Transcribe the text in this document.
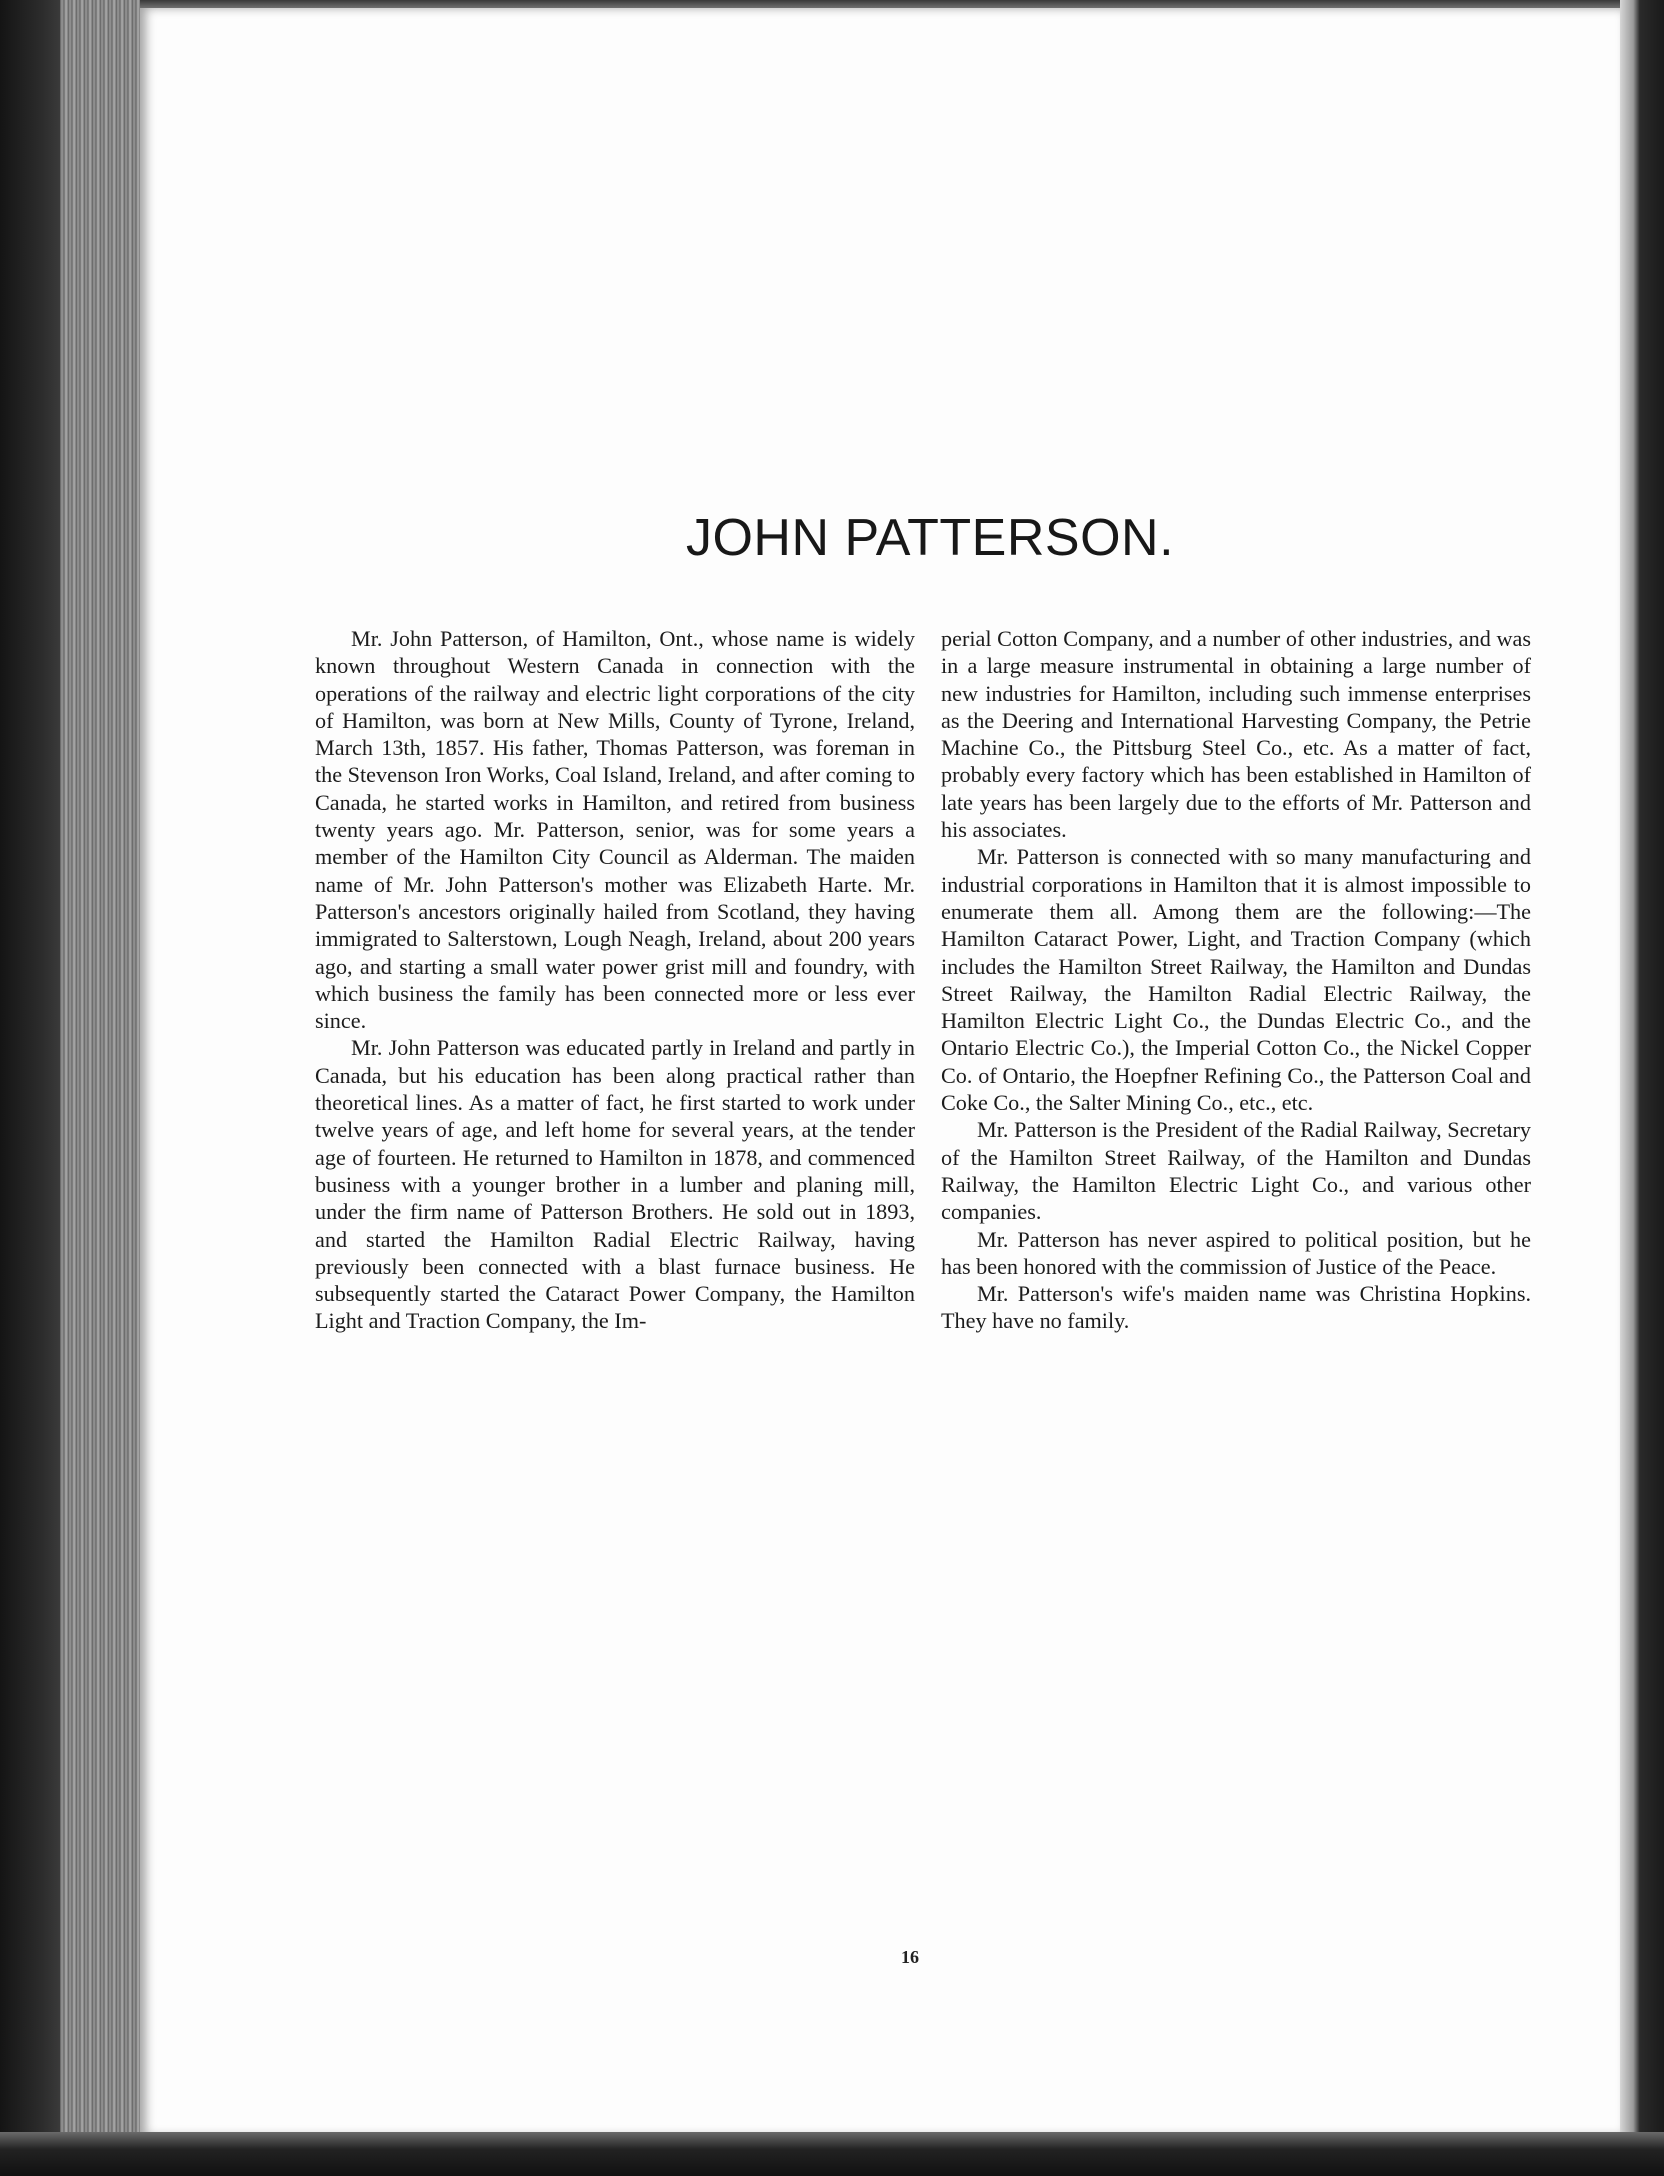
JOHN PATTERSON.

Mr. John Patterson, of Hamilton, Ont., whose name is widely known throughout Western Canada in connection with the operations of the railway and electric light corporations of the city of Hamilton, was born at New Mills, County of Tyrone, Ireland, March 13th, 1857. His father, Thomas Patterson, was foreman in the Stevenson Iron Works, Coal Island, Ireland, and after coming to Canada, he started works in Hamilton, and retired from business twenty years ago. Mr. Patterson, senior, was for some years a member of the Hamilton City Council as Alderman. The maiden name of Mr. John Patterson's mother was Elizabeth Harte. Mr. Patterson's ancestors originally hailed from Scotland, they having immigrated to Salterstown, Lough Neagh, Ireland, about 200 years ago, and starting a small water power grist mill and foundry, with which business the family has been connected more or less ever since.

Mr. John Patterson was educated partly in Ireland and partly in Canada, but his education has been along practical rather than theoretical lines. As a matter of fact, he first started to work under twelve years of age, and left home for several years, at the tender age of fourteen. He returned to Hamilton in 1878, and commenced business with a younger brother in a lumber and planing mill, under the firm name of Patterson Brothers. He sold out in 1893, and started the Hamilton Radial Electric Railway, having previously been connected with a blast furnace business. He subsequently started the Cataract Power Company, the Hamilton Light and Traction Company, the Im-

perial Cotton Company, and a number of other industries, and was in a large measure instrumental in obtaining a large number of new industries for Hamilton, including such immense enterprises as the Deering and International Harvesting Company, the Petrie Machine Co., the Pittsburg Steel Co., etc. As a matter of fact, probably every factory which has been established in Hamilton of late years has been largely due to the efforts of Mr. Patterson and his associates.

Mr. Patterson is connected with so many manufacturing and industrial corporations in Hamilton that it is almost impossible to enumerate them all. Among them are the following:—The Hamilton Cataract Power, Light, and Traction Company (which includes the Hamilton Street Railway, the Hamilton and Dundas Street Railway, the Hamilton Radial Electric Railway, the Hamilton Electric Light Co., the Dundas Electric Co., and the Ontario Electric Co.), the Imperial Cotton Co., the Nickel Copper Co. of Ontario, the Hoepfner Refining Co., the Patterson Coal and Coke Co., the Salter Mining Co., etc., etc.

Mr. Patterson is the President of the Radial Railway, Secretary of the Hamilton Street Railway, of the Hamilton and Dundas Railway, the Hamilton Electric Light Co., and various other companies.

Mr. Patterson has never aspired to political position, but he has been honored with the commission of Justice of the Peace.

Mr. Patterson's wife's maiden name was Christina Hopkins. They have no family.

16
